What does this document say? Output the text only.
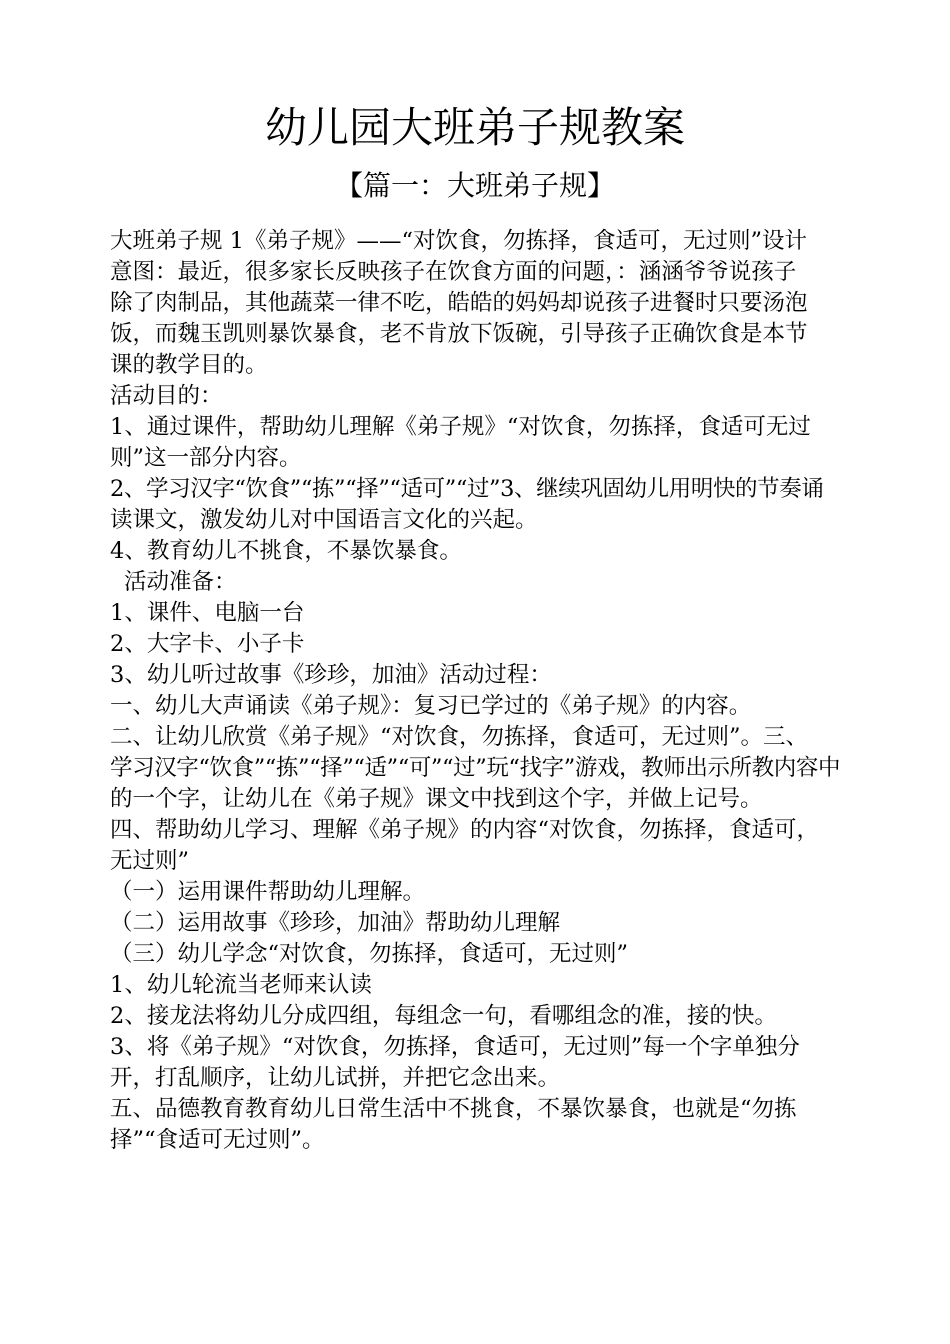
幼儿园大班弟子规教案
【篇一：大班弟子规】
大班弟子规 1《弟子规》——“对饮食，勿拣择，食适可，无过则”设计
意图：最近，很多家长反映孩子在饮食方面的问题，：涵涵爷爷说孩子
除了肉制品，其他蔬菜一律不吃，皓皓的妈妈却说孩子进餐时只要汤泡
饭，而魏玉凯则暴饮暴食，老不肯放下饭碗，引导孩子正确饮食是本节
课的教学目的。
活动目的：
1、通过课件，帮助幼儿理解《弟子规》“对饮食，勿拣择，食适可无过
则”这一部分内容。
2、学习汉字“饮食”“拣”“择”“适可”“过”3、继续巩固幼儿用明快的节奏诵
读课文，激发幼儿对中国语言文化的兴起。
4、教育幼儿不挑食，不暴饮暴食。
活动准备：
1、课件、电脑一台
2、大字卡、小子卡
3、幼儿听过故事《珍珍，加油》活动过程：
一、幼儿大声诵读《弟子规》：复习已学过的《弟子规》的内容。
二、让幼儿欣赏《弟子规》“对饮食，勿拣择，食适可，无过则”。三、
学习汉字“饮食”“拣”“择”“适”“可”“过”玩“找字”游戏，教师出示所教内容中
的一个字，让幼儿在《弟子规》课文中找到这个字，并做上记号。
四、帮助幼儿学习、理解《弟子规》的内容“对饮食，勿拣择，食适可，
无过则”
（一）运用课件帮助幼儿理解。
（二）运用故事《珍珍，加油》帮助幼儿理解
（三）幼儿学念“对饮食，勿拣择，食适可，无过则”
1、幼儿轮流当老师来认读
2、接龙法将幼儿分成四组，每组念一句，看哪组念的准，接的快。
3、将《弟子规》“对饮食，勿拣择，食适可，无过则”每一个字单独分
开，打乱顺序，让幼儿试拼，并把它念出来。
五、品德教育教育幼儿日常生活中不挑食，不暴饮暴食，也就是“勿拣
择”“食适可无过则”。
